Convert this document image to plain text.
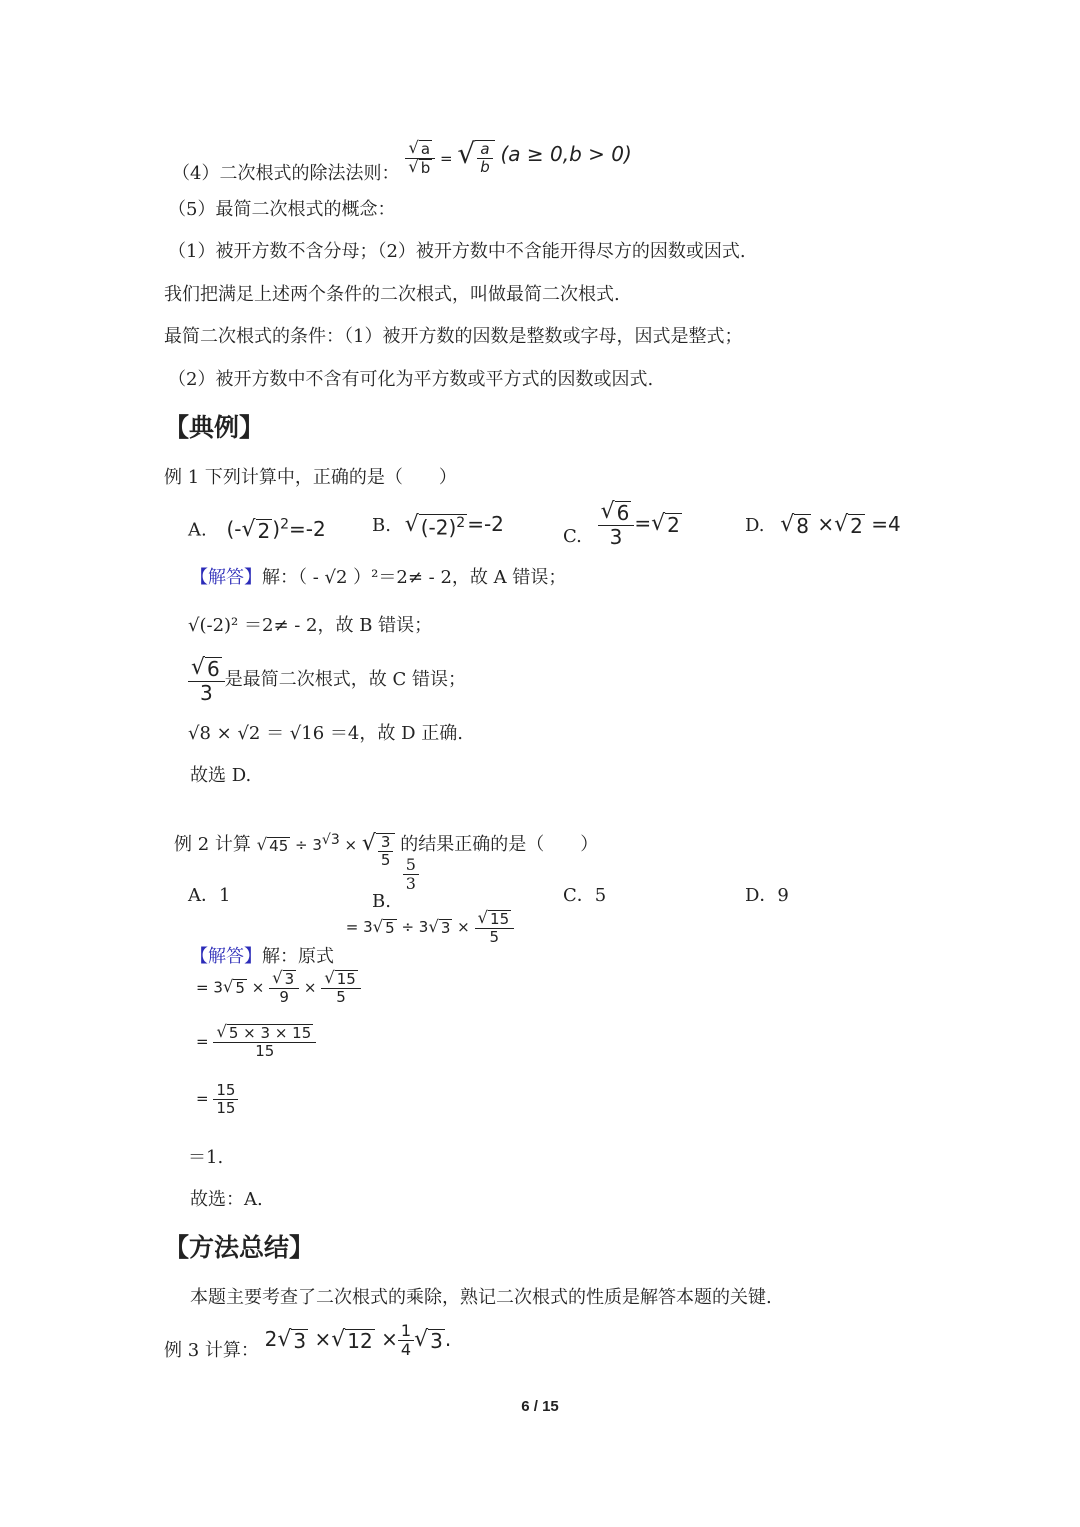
（4）二次根式的除法法则： $\frac{√ a}{√ b}$ = √ $\frac{a}{b} (a \ge 0,b > 0)$
（5）最简二次根式的概念：
（1）被开方数不含分母；（2）被开方数中不含能开得尽方的因数或因式.
我们把满足上述两个条件的二次根式，叫做最简二次根式.
最简二次根式的条件：（1）被开方数的因数是整数或字母，因式是整式；
（2）被开方数中不含有可化为平方数或平方式的因数或因式.
【典例】
例 1 下列计算中，正确的是（　　）
A. (- √ 2 )$^2$=-2	B. √ $(-2)^2 =-2$	C. $\frac{√ 6}{3}$ = √ 2	D. √ 8 × √ 2 =4
【解答】解：（ - √2 ）²＝2≠ - 2，故 A 错误；
√(-2)² ＝2≠ - 2，故 B 错误；
$\frac{√ 6}{3}$ 是最简二次根式，故 C 错误；
√8 × √2 ＝ √16 ＝4，故 D 正确.
故选 D.
例 2 计算 $_{√ 45 \div 3^{√3} \times √ \frac{3}{5}}$ 的结果正确的是（　　）
A．1	B.
$\frac{5}{3}$
C．5	D．9
【解答】解：原式 = 3 √ 5 ÷ 3 √ $3 \times \frac{√ 15}{5}$
= 3 √ $5 \times \frac{√ 3}{9} \times \frac{√ 15}{5}$
= $\frac{√ 5 \times 3 \times 15}{15}$
= $\frac{15}{15}$
＝1.
故选：A.
【方法总结】
本题主要考查了二次根式的乘除，熟记二次根式的性质是解答本题的关键.
例 3 计算： 2 √ 3 × √ $12 \times \frac{1}{4}$ √ 3 .
6 / 15
